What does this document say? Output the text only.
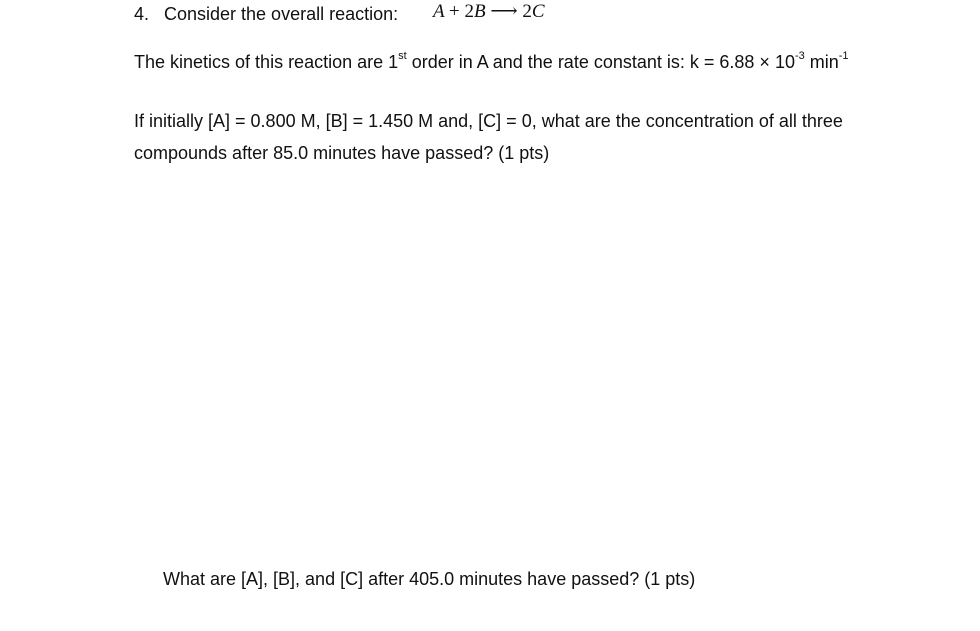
4. Consider the overall reaction: A + 2B ⟶ 2C
The kinetics of this reaction are 1st order in A and the rate constant is: $k = 6.88 \times 10^{-3}$ $\min^{-1}$
If initially [A] = 0.800 M, [B] = 1.450 M and, [C] = 0, what are the concentration of all three
compounds after 85.0 minutes have passed? (1 pts)
What are [A], [B], and [C] after 405.0 minutes have passed? (1 pts)
